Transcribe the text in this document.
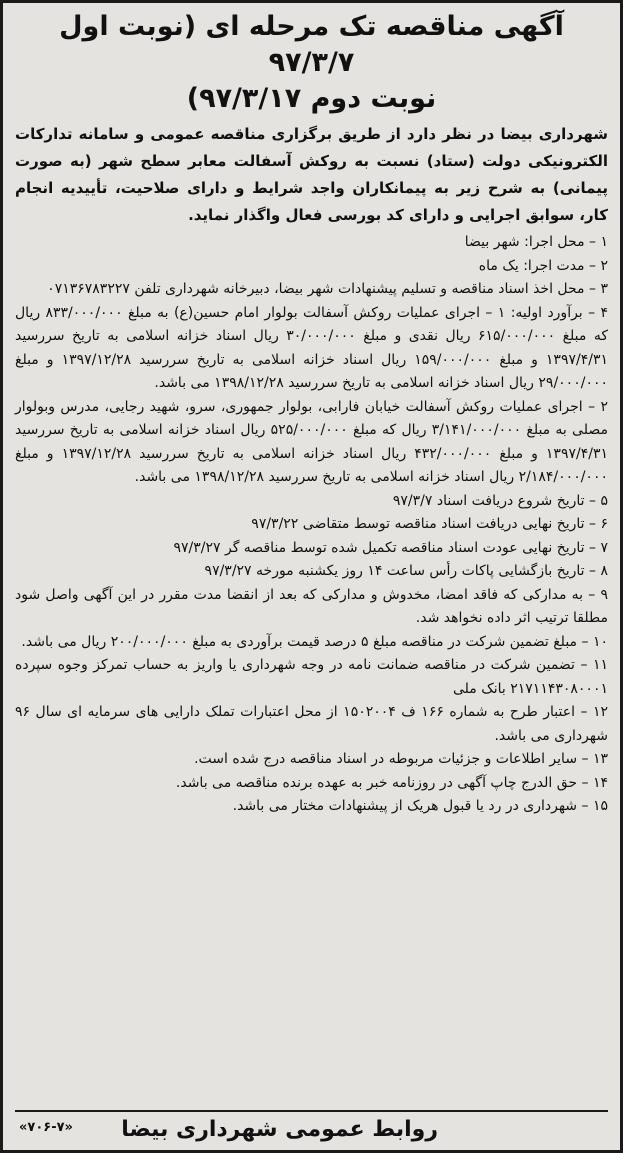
آگهی مناقصه تک مرحله ای (نوبت اول ۹۷/۳/۷
نوبت دوم ۹۷/۳/۱۷)

شهرداری بیضا در نظر دارد از طریق برگزاری مناقصه عمومی و سامانه تدارکات الکترونیکی دولت (ستاد) نسبت به روکش آسفالت معابر سطح شهر (به صورت پیمانی) به شرح زیر به پیمانکاران واجد شرایط و دارای صلاحیت، تأییدیه انجام کار، سوابق اجرایی و دارای کد بورسی فعال واگذار نماید.

۱ – محل اجرا: شهر بیضا
۲ – مدت اجرا: یک ماه
۳ – محل اخذ اسناد مناقصه و تسلیم پیشنهادات شهر بیضا، دبیرخانه شهرداری تلفن ۰۷۱۳۶۷۸۳۲۲۷
۴ – برآورد اولیه: ۱ – اجرای عملیات روکش آسفالت بولوار امام حسین(ع) به مبلغ ۸۳۳/۰۰۰/۰۰۰ ریال که مبلغ ۶۱۵/۰۰۰/۰۰۰ ریال نقدی و مبلغ ۳۰/۰۰۰/۰۰۰ ریال اسناد خزانه اسلامی به تاریخ سررسید ۱۳۹۷/۴/۳۱ و مبلغ ۱۵۹/۰۰۰/۰۰۰ ریال اسناد خزانه اسلامی به تاریخ سررسید ۱۳۹۷/۱۲/۲۸ و مبلغ ۲۹/۰۰۰/۰۰۰ ریال اسناد خزانه اسلامی به تاریخ سررسید ۱۳۹۸/۱۲/۲۸ می باشد.
۲ – اجرای عملیات روکش آسفالت خیابان فارابی، بولوار جمهوری، سرو، شهید رجایی، مدرس وبولوار مصلی به مبلغ ۳/۱۴۱/۰۰۰/۰۰۰ ریال که مبلغ ۵۲۵/۰۰۰/۰۰۰ ریال اسناد خزانه اسلامی به تاریخ سررسید ۱۳۹۷/۴/۳۱ و مبلغ ۴۳۲/۰۰۰/۰۰۰ ریال اسناد خزانه اسلامی به تاریخ سررسید ۱۳۹۷/۱۲/۲۸ و مبلغ ۲/۱۸۴/۰۰۰/۰۰۰ ریال اسناد خزانه اسلامی به تاریخ سررسید ۱۳۹۸/۱۲/۲۸ می باشد.
۵ – تاریخ شروع دریافت اسناد ۹۷/۳/۷
۶ – تاریخ نهایی دریافت اسناد مناقصه توسط متقاضی ۹۷/۳/۲۲
۷ – تاریخ نهایی عودت اسناد مناقصه تکمیل شده توسط مناقصه گر ۹۷/۳/۲۷
۸ – تاریخ بازگشایی پاکات رأس ساعت ۱۴ روز یکشنبه مورخه ۹۷/۳/۲۷
۹ – به مدارکی که فاقد امضا، مخدوش و مدارکی که بعد از انقضا مدت مقرر در این آگهی واصل شود مطلقا ترتیب اثر داده نخواهد شد.
۱۰ – مبلغ تضمین شرکت در مناقصه مبلغ ۵ درصد قیمت برآوردی به مبلغ ۲۰۰/۰۰۰/۰۰۰ ریال می باشد.
۱۱ – تضمین شرکت در مناقصه ضمانت نامه در وجه شهرداری یا واریز به حساب تمرکز وجوه سپرده ۲۱۷۱۱۴۳۰۸۰۰۰۱ بانک ملی
۱۲ – اعتبار طرح به شماره ۱۶۶ ف ۱۵۰۲۰۰۴ از محل اعتبارات تملک دارایی های سرمایه ای سال ۹۶ شهرداری می باشد.
۱۳ – سایر اطلاعات و جزئیات مربوطه در اسناد مناقصه درج شده است.
۱۴ – حق الدرج چاپ آگهی در روزنامه خبر به عهده برنده مناقصه می باشد.
۱۵ – شهرداری در رد یا قبول هریک از پیشنهادات مختار می باشد.
روابط عمومی شهرداری بیضا
«۷۰۶-۷»
